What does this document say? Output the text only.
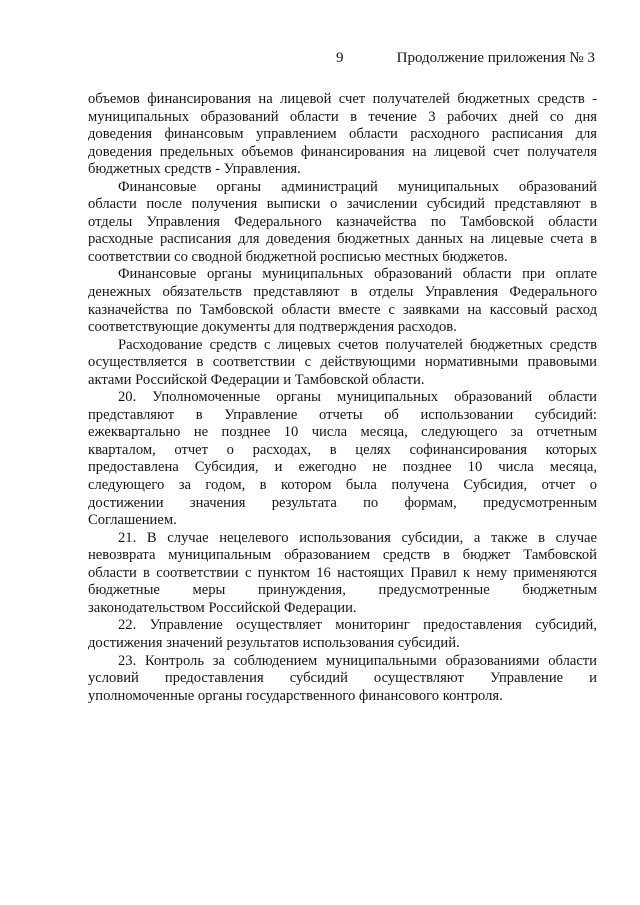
9	Продолжение приложения № 3
объемов финансирования на лицевой счет получателей бюджетных средств -
муниципальных образований области в течение 3 рабочих дней со дня
доведения финансовым управлением области расходного расписания для
доведения предельных объемов финансирования на лицевой счет получателя
бюджетных средств - Управления.
Финансовые органы администраций муниципальных образований
области после получения выписки о зачислении субсидий представляют в
отделы Управления Федерального казначейства по Тамбовской области
расходные расписания для доведения бюджетных данных на лицевые счета в
соответствии со сводной бюджетной росписью местных бюджетов.
Финансовые органы муниципальных образований области при оплате
денежных обязательств представляют в отделы Управления Федерального
казначейства по Тамбовской области вместе с заявками на кассовый расход
соответствующие документы для подтверждения расходов.
Расходование средств с лицевых счетов получателей бюджетных средств
осуществляется в соответствии с действующими нормативными правовыми
актами Российской Федерации и Тамбовской области.
20. Уполномоченные органы муниципальных образований области
представляют в Управление отчеты об использовании субсидий:
ежеквартально не позднее 10 числа месяца, следующего за отчетным
кварталом, отчет о расходах, в целях софинансирования которых
предоставлена Субсидия, и ежегодно не позднее 10 числа месяца,
следующего за годом, в котором была получена Субсидия, отчет о
достижении значения результата по формам, предусмотренным
Соглашением.
21. В случае нецелевого использования субсидии, а также в случае
невозврата муниципальным образованием средств в бюджет Тамбовской
области в соответствии с пунктом 16 настоящих Правил к нему применяются
бюджетные меры принуждения, предусмотренные бюджетным
законодательством Российской Федерации.
22. Управление осуществляет мониторинг предоставления субсидий,
достижения значений результатов использования субсидий.
23. Контроль за соблюдением муниципальными образованиями области
условий предоставления субсидий осуществляют Управление и
уполномоченные органы государственного финансового контроля.
